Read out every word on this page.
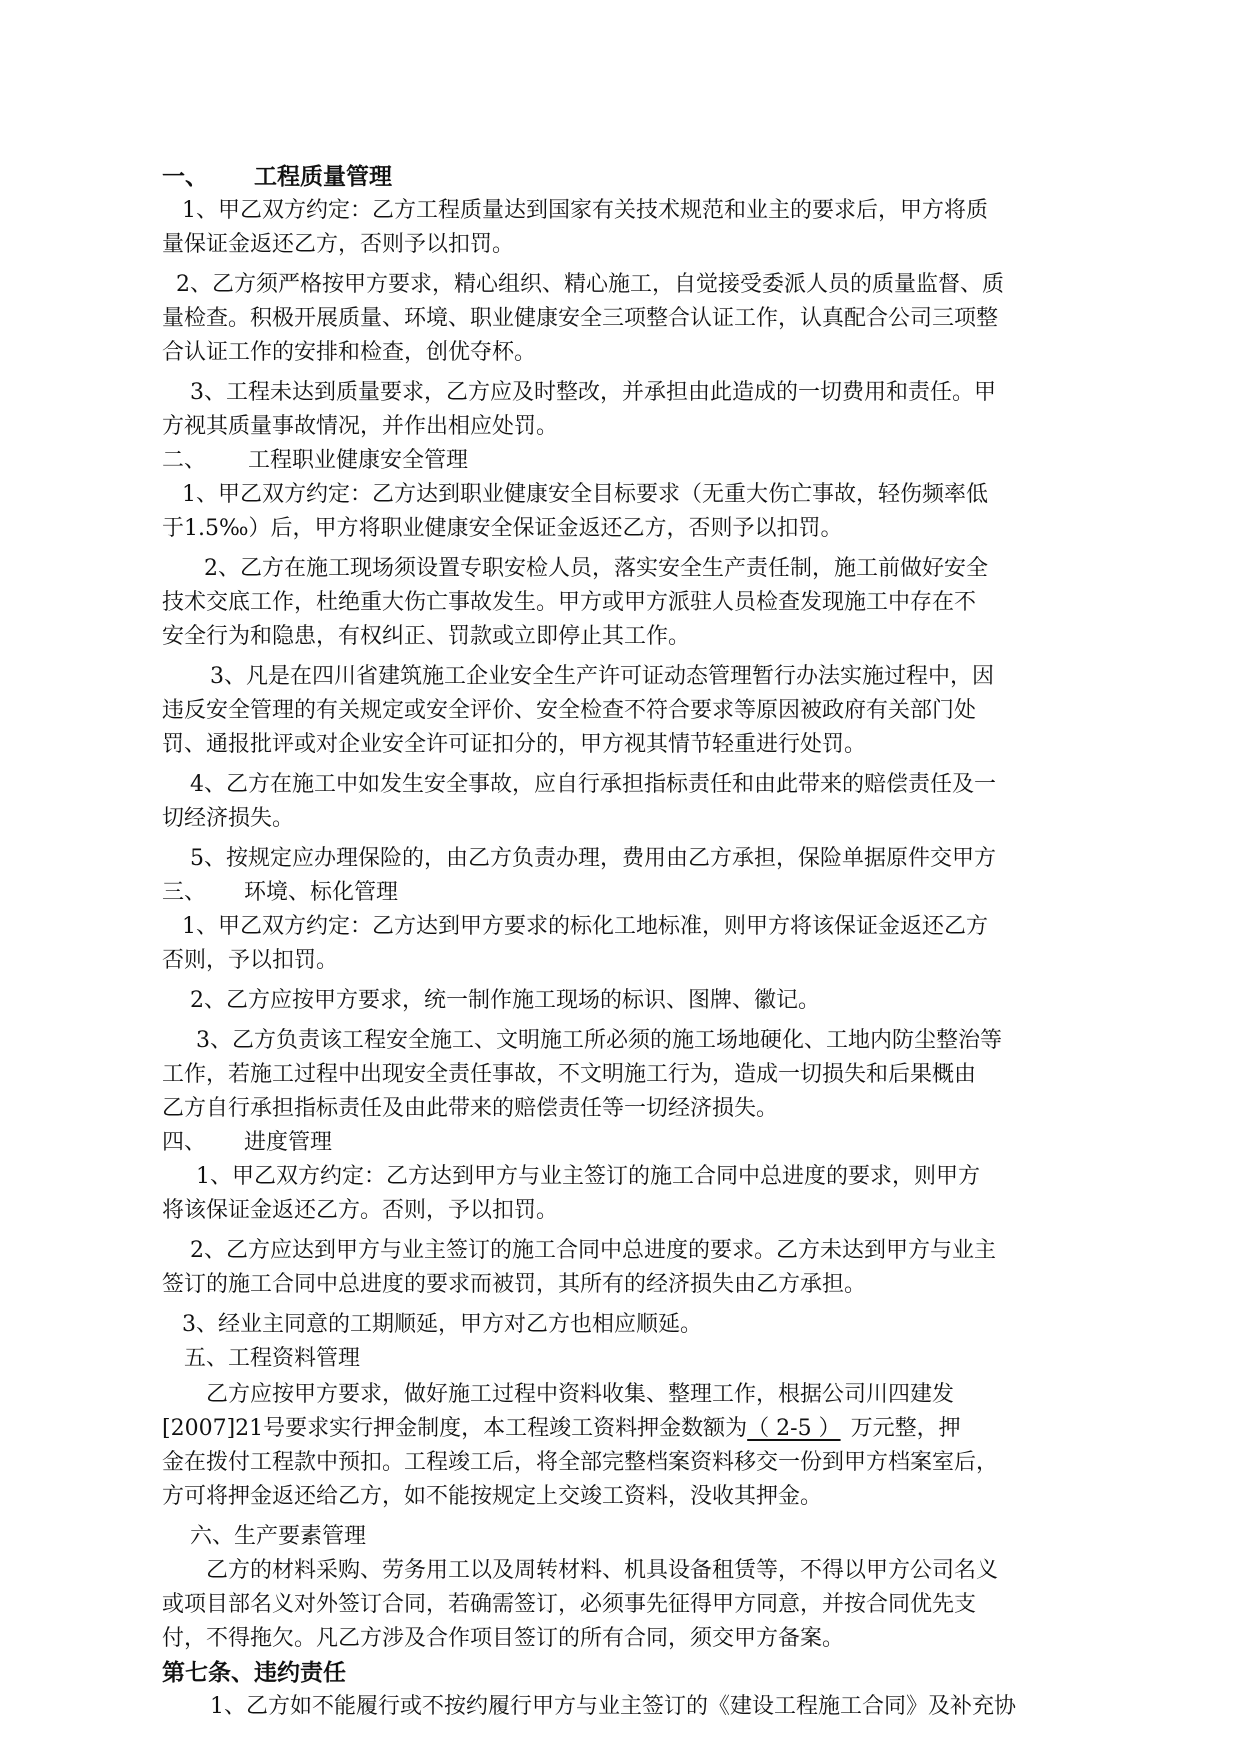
一、 工程质量管理
1、甲乙双方约定：乙方工程质量达到国家有关技术规范和业主的要求后，甲方将质
量保证金返还乙方，否则予以扣罚。
2、乙方须严格按甲方要求，精心组织、精心施工，自觉接受委派人员的质量监督、质
量检查。积极开展质量、环境、职业健康安全三项整合认证工作，认真配合公司三项整
合认证工作的安排和检查，创优夺杯。
3、工程未达到质量要求，乙方应及时整改，并承担由此造成的一切费用和责任。甲
方视其质量事故情况，并作出相应处罚。
二、 工程职业健康安全管理
1、甲乙双方约定：乙方达到职业健康安全目标要求（无重大伤亡事故，轻伤频率低
于1.5‰）后，甲方将职业健康安全保证金返还乙方，否则予以扣罚。
2、乙方在施工现场须设置专职安检人员，落实安全生产责任制，施工前做好安全
技术交底工作，杜绝重大伤亡事故发生。甲方或甲方派驻人员检查发现施工中存在不
安全行为和隐患，有权纠正、罚款或立即停止其工作。
3、凡是在四川省建筑施工企业安全生产许可证动态管理暂行办法实施过程中，因
违反安全管理的有关规定或安全评价、安全检查不符合要求等原因被政府有关部门处
罚、通报批评或对企业安全许可证扣分的，甲方视其情节轻重进行处罚。
4、乙方在施工中如发生安全事故，应自行承担指标责任和由此带来的赔偿责任及一
切经济损失。
5、按规定应办理保险的，由乙方负责办理，费用由乙方承担，保险单据原件交甲方
三、 环境、标化管理
1、甲乙双方约定：乙方达到甲方要求的标化工地标准，则甲方将该保证金返还乙方
否则，予以扣罚。
2、乙方应按甲方要求，统一制作施工现场的标识、图牌、徽记。
3、乙方负责该工程安全施工、文明施工所必须的施工场地硬化、工地内防尘整治等
工作，若施工过程中出现安全责任事故，不文明施工行为，造成一切损失和后果概由
乙方自行承担指标责任及由此带来的赔偿责任等一切经济损失。
四、 进度管理
1、甲乙双方约定：乙方达到甲方与业主签订的施工合同中总进度的要求，则甲方
将该保证金返还乙方。否则，予以扣罚。
2、乙方应达到甲方与业主签订的施工合同中总进度的要求。乙方未达到甲方与业主
签订的施工合同中总进度的要求而被罚，其所有的经济损失由乙方承担。
3、经业主同意的工期顺延，甲方对乙方也相应顺延。
五、工程资料管理
乙方应按甲方要求，做好施工过程中资料收集、整理工作，根据公司川四建发
[2007]21号要求实行押金制度，本工程竣工资料押金数额为（ 2-5 ） 万元整，押
金在拨付工程款中预扣。工程竣工后，将全部完整档案资料移交一份到甲方档案室后，
方可将押金返还给乙方，如不能按规定上交竣工资料，没收其押金。
六、生产要素管理
乙方的材料采购、劳务用工以及周转材料、机具设备租赁等，不得以甲方公司名义
或项目部名义对外签订合同，若确需签订，必须事先征得甲方同意，并按合同优先支
付，不得拖欠。凡乙方涉及合作项目签订的所有合同，须交甲方备案。
第七条、违约责任
1、乙方如不能履行或不按约履行甲方与业主签订的《建设工程施工合同》及补充协
